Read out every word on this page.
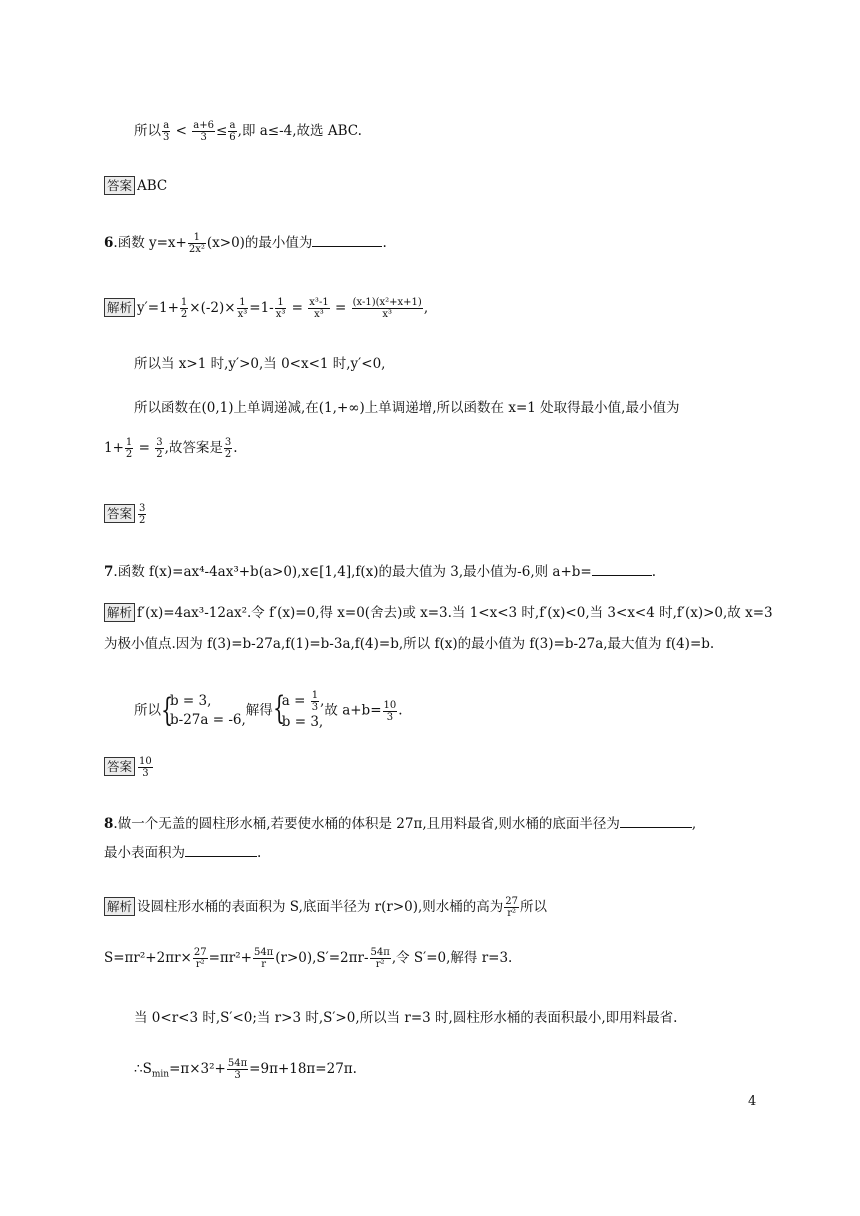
所以 $\frac{a}{3} < \frac{a+6}{3} \le \frac{a}{6}$ ,即 a≤-4,故选 ABC.
答案 ABC
6.函数 $y=x+ \frac{1}{\text{2x²}} (x>0)$的最小值为	.
解析 $y'=1+ \frac{1}{2} \times(-2)\times \frac{1}{\text{x³}} =1- \frac{1}{\text{x³}} = \frac{\text{x³-1}}{\text{x³}} = \frac{\text{(x-1)(x²+x+1)}}{\text{x³}}$ ,
所以当 x>1 时,y′>0,当 0<x<1 时,y′<0,
所以函数在(0,1)上单调递减,在(1,+∞)上单调递增,所以函数在 x=1 处取得最小值,最小值为
$1+ \frac{1}{2} = \frac{3}{2}$ ,故答案是 $\frac{3}{2}$ .
答案 $\frac{3}{2}$
7.函数 f(x)=ax⁴-4ax³+b(a>0),x∈[1,4],f(x)的最大值为 3,最小值为-6,则 a+b=	.
解析 f′(x)=4ax³-12ax².令 f′(x)=0,得 x=0(舍去)或 x=3.当 1<x<3 时,f′(x)<0,当 3<x<4 时,f′(x)>0,故 x=3
为极小值点.因为 f(3)=b-27a,f(1)=b-3a,f(4)=b,所以 f(x)的最小值为 f(3)=b-27a,最大值为 f(4)=b.
所以 {
b = 3,
b-27a = -6,
解得 {
$a = \frac{1}{3}$ ,
b = 3,
故 $a+b= \frac{10}{3}$ .
答案 $\frac{10}{3}$
8.做一个无盖的圆柱形水桶,若要使水桶的体积是 27π,且用料最省,则水桶的底面半径为	,
最小表面积为	.
解析 设圆柱形水桶的表面积为 S,底面半径为 r(r>0),则水桶的高为 $\frac{27}{\text{r²}}$ 所以
$S=\pi r^2+2\pi r\times \frac{27}{\text{r²}} =\pi r^2+ \frac{54\pi}{r} (r>0),S'=2\pi r- \frac{54\pi}{\text{r²}}$ ,令 S′=0,解得 r=3.
当 0<r<3 时,S′<0;当 r>3 时,S′>0,所以当 r=3 时,圆柱形水桶的表面积最小,即用料最省.
$\therefore S_{min}=\pi\times 3^2+ \frac{54\pi}{3} =9\pi+18\pi=27\pi$.
4
